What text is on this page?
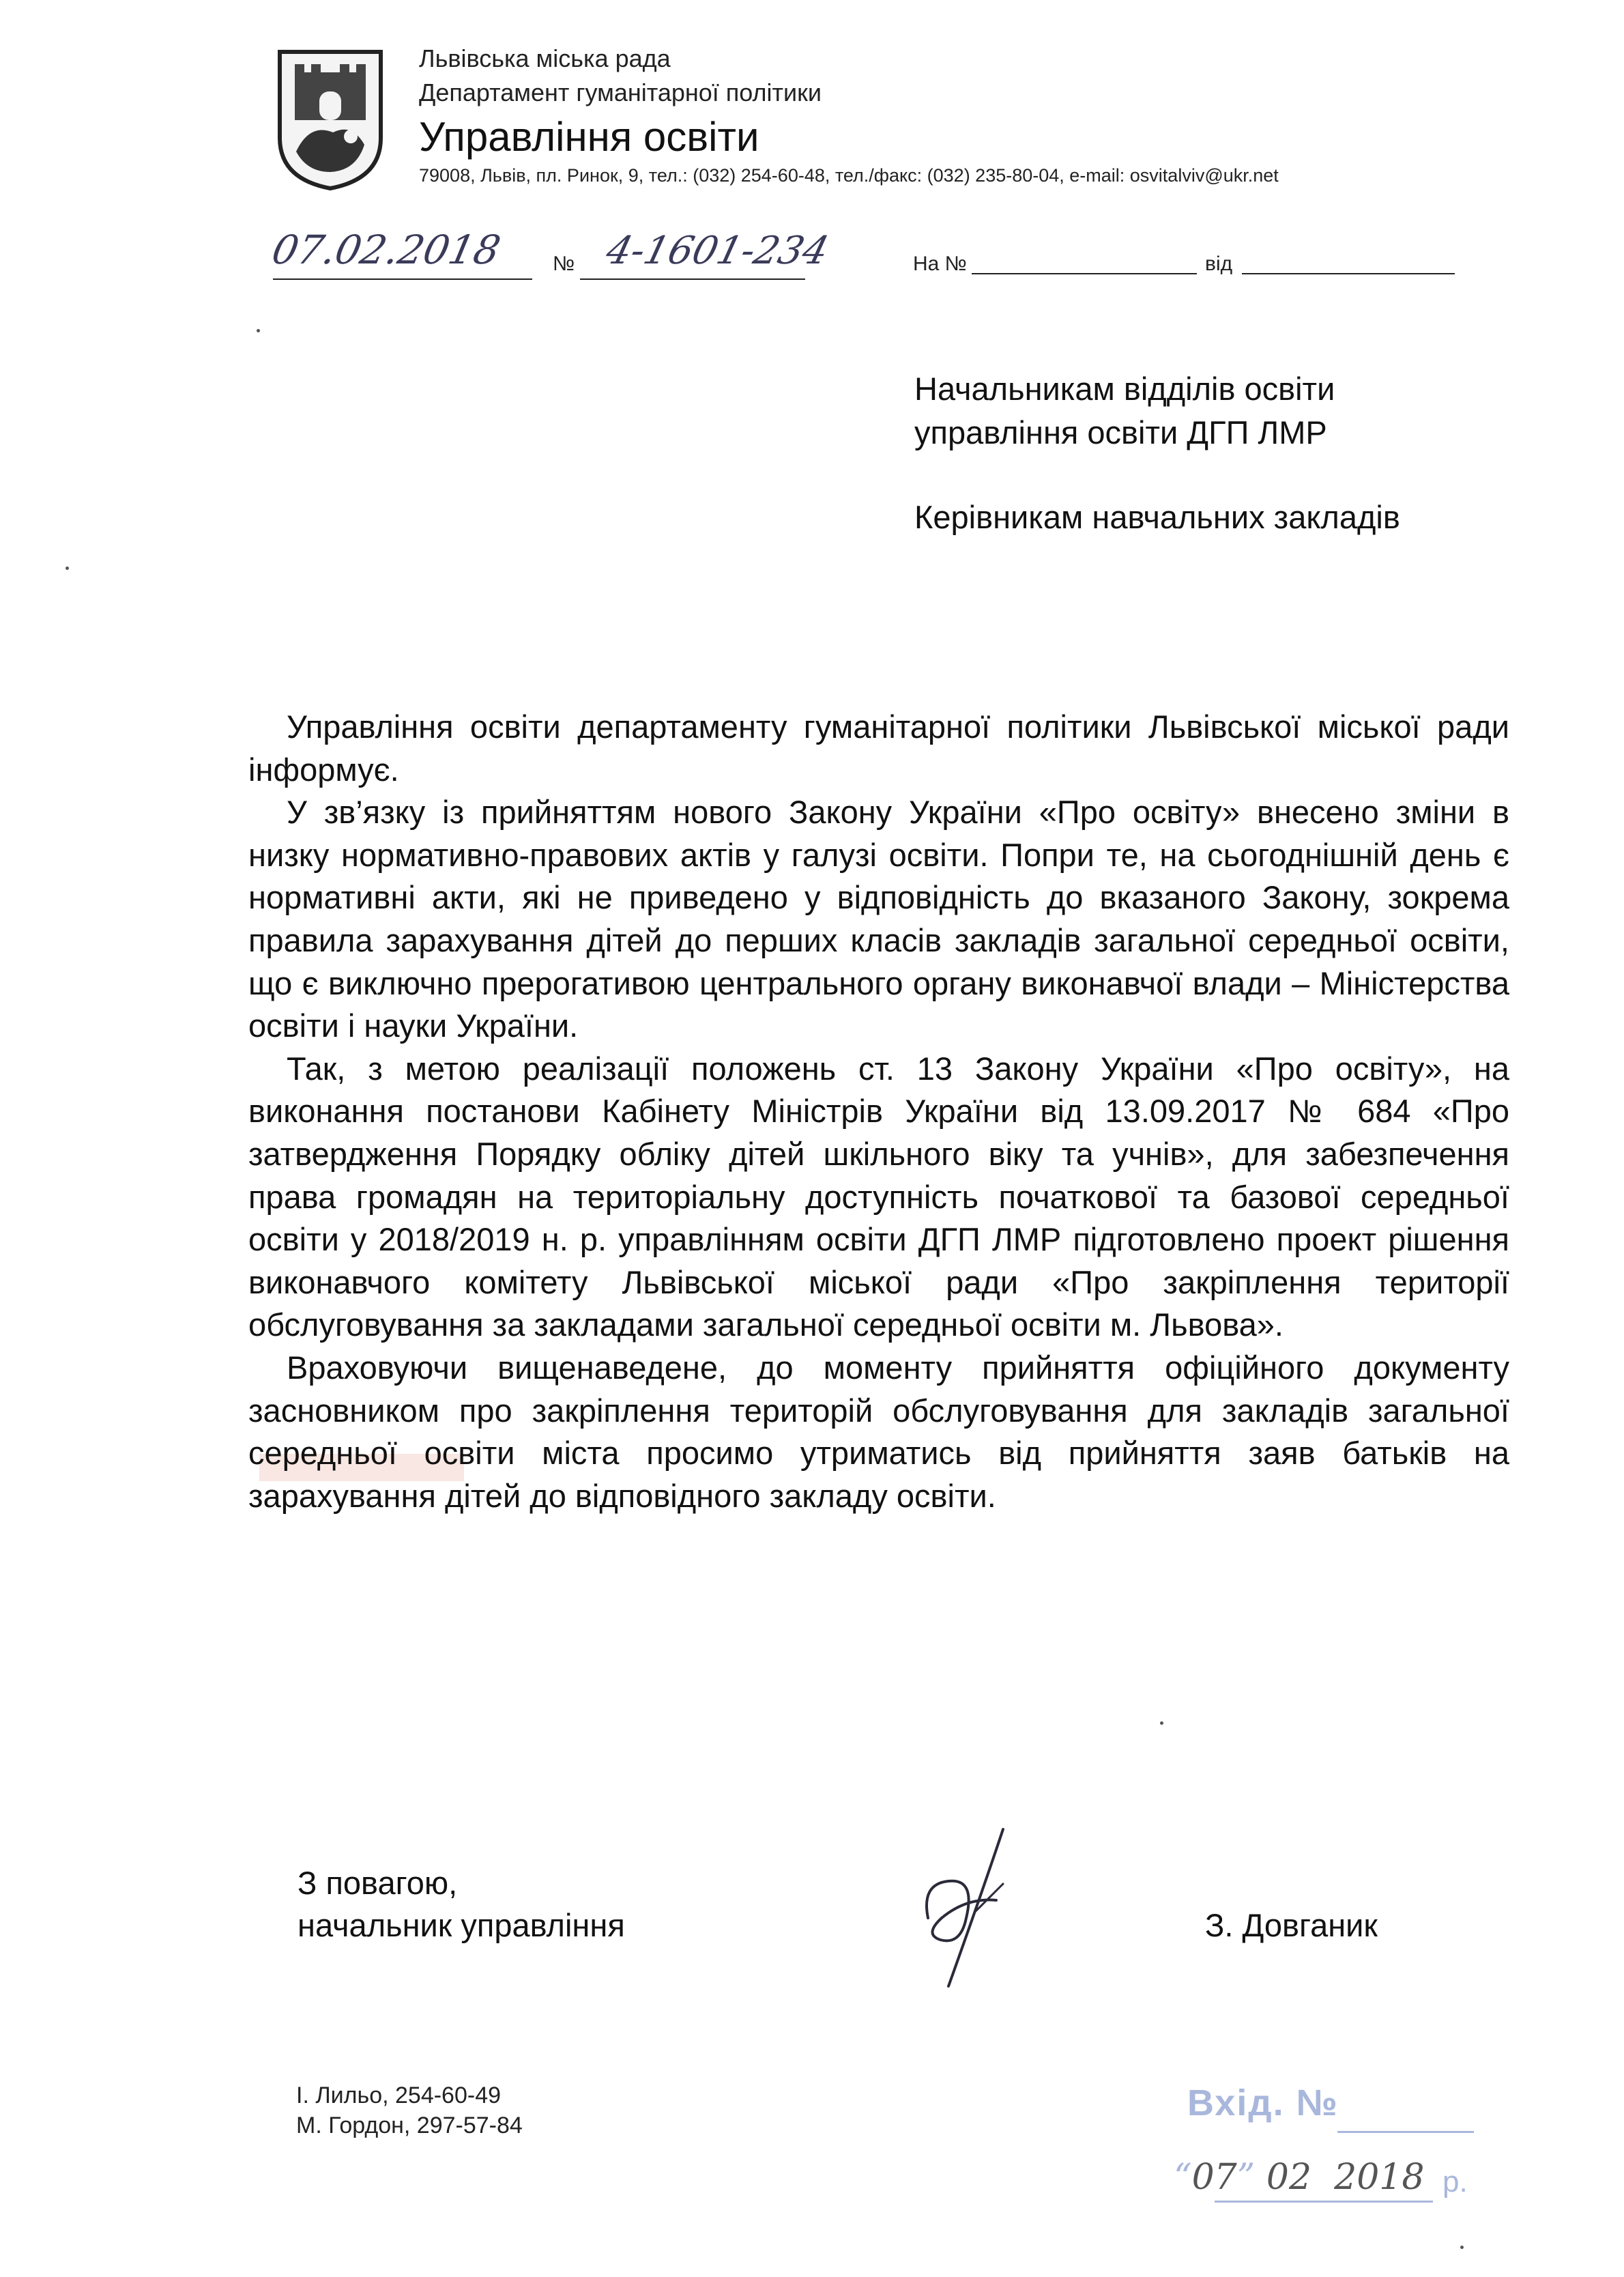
Львівська міська рада
Департамент гуманітарної політики
Управління освіти
79008, Львів, пл. Ринок, 9, тел.: (032) 254-60-48, тел./факс: (032) 235-80-04, e-mail: osvitalviv@ukr.net
07.02.2018 № 4-1601-234	На №	від
Начальникам відділів освіти
управління освіти ДГП ЛМР
Керівникам навчальних закладів

Управління освіти департаменту гуманітарної політики Львівської міської ради інформує.

У зв’язку із прийняттям нового Закону України «Про освіту» внесено зміни в низку нормативно-правових актів у галузі освіти. Попри те, на сьогоднішній день є нормативні акти, які не приведено у відповідність до вказаного Закону, зокрема правила зарахування дітей до перших класів закладів загальної середньої освіти, що є виключно прерогативою центрального органу виконавчої влади – Міністерства освіти і науки України.

Так, з метою реалізації положень ст. 13 Закону України «Про освіту», на виконання постанови Кабінету Міністрів України від 13.09.2017 № 684 «Про затвердження Порядку обліку дітей шкільного віку та учнів», для забезпечення права громадян на територіальну доступність початкової та базової середньої освіти у 2018/2019 н. р. управлінням освіти ДГП ЛМР підготовлено проект рішення виконавчого комітету Львівської міської ради «Про закріплення території обслуговування за закладами загальної середньої освіти м. Львова».

Враховуючи вищенаведене, до моменту прийняття офіційного документу засновником про закріплення територій обслуговування для закладів загальної середньої освіти міста просимо утриматись від прийняття заяв батьків на зарахування дітей до відповідного закладу освіти.

З повагою,
начальник управління	З. Довганик
І. Лильо, 254-60-49
М. Гордон, 297-57-84
Вхід. №
“07” 02 2018 р.
